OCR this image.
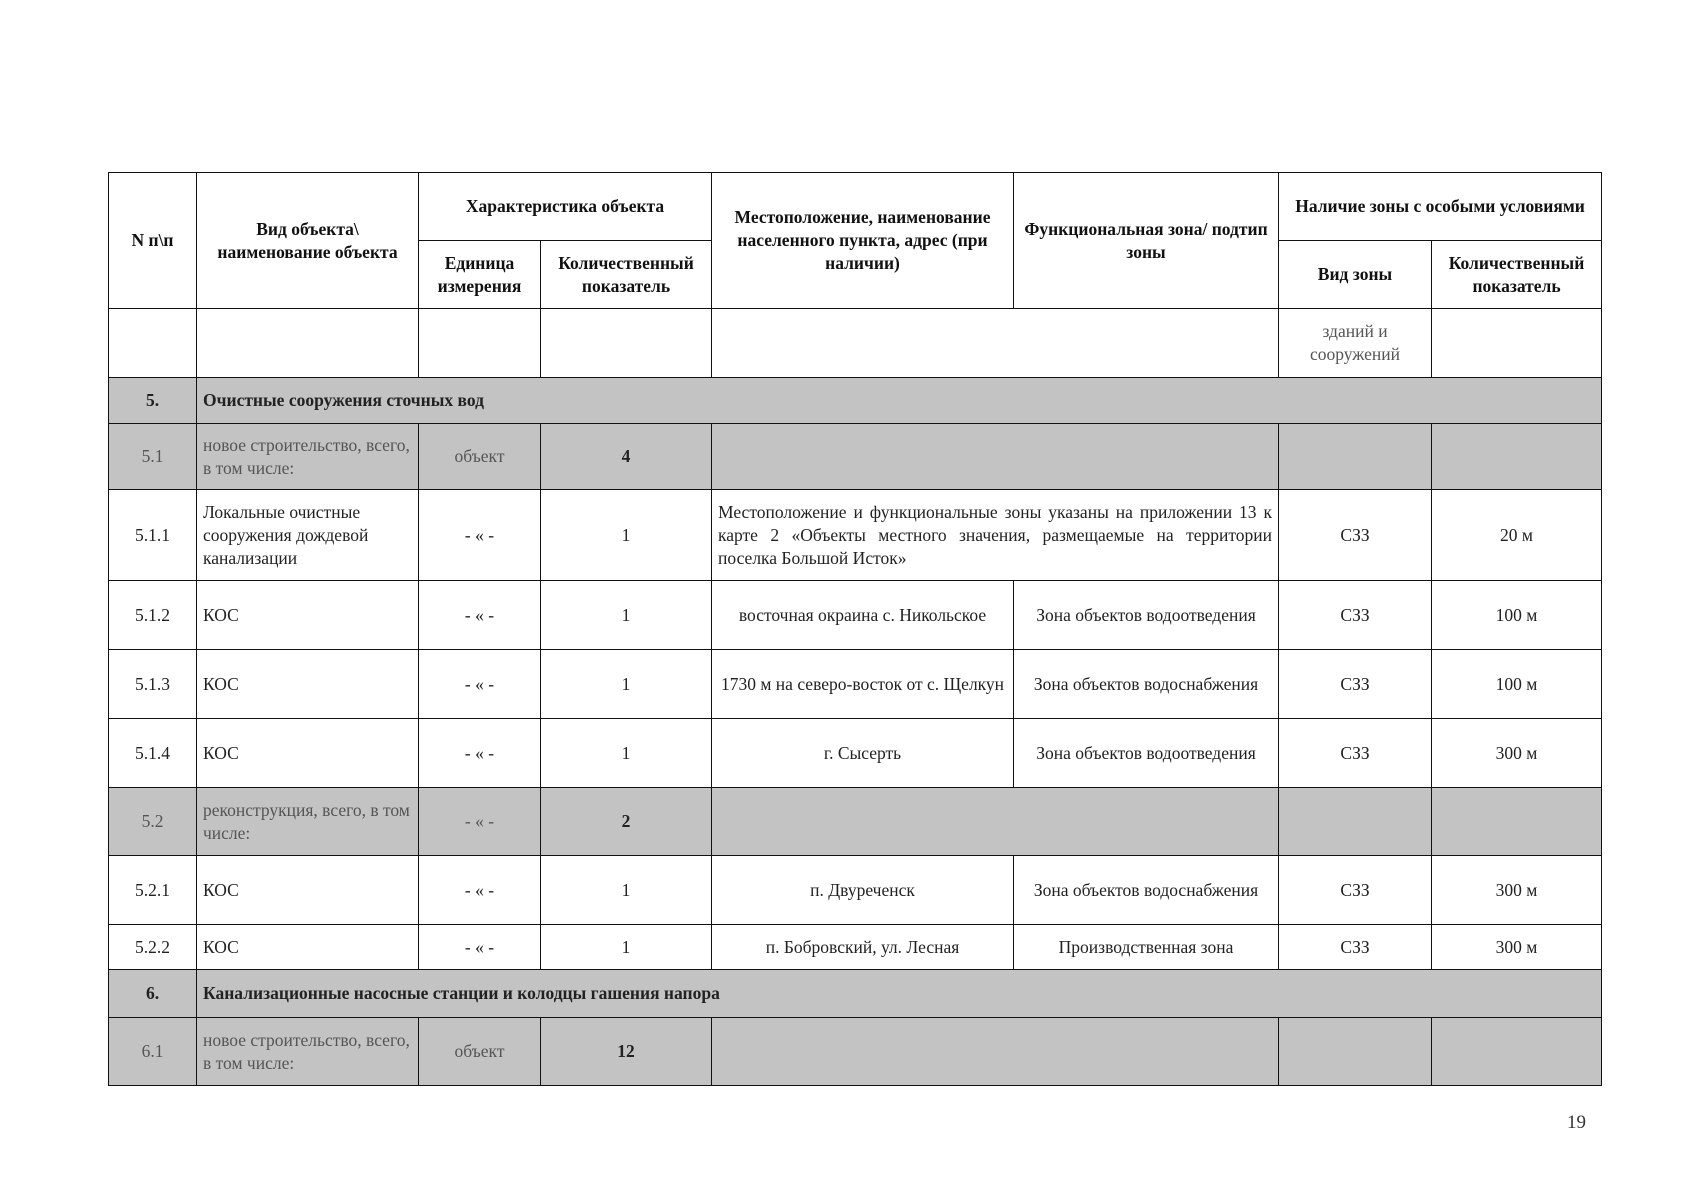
N п\п	Вид объекта\ наименование объекта	Характеристика объекта		Местоположение, наименование населенного пункта, адрес (при наличии)	Функциональная зона/ подтип зоны	Наличие зоны с особыми условиями	
		Единица измерения	Количественный показатель			Вид зоны	Количественный показатель
						зданий и сооружений	
5.	Очистные сооружения сточных вод						
5.1	новое строительство, всего, в том числе:	объект	4				
5.1.1	Локальные очистные сооружения дождевой канализации	- « -	1	Местоположение и функциональные зоны указаны на приложении 13 к карте 2 «Объекты местного значения, размещаемые на территории поселка Большой Исток»		СЗЗ	20 м
5.1.2	КОС	- « -	1	восточная окраина с. Никольское	Зона объектов водоотведения	СЗЗ	100 м
5.1.3	КОС	- « -	1	1730 м на северо-восток от с. Щелкун	Зона объектов водоснабжения	СЗЗ	100 м
5.1.4	КОС	- « -	1	г. Сысерть	Зона объектов водоотведения	СЗЗ	300 м
5.2	реконструкция, всего, в том числе:	- « -	2				
5.2.1	КОС	- « -	1	п. Двуреченск	Зона объектов водоснабжения	СЗЗ	300 м
5.2.2	КОС	- « -	1	п. Бобровский, ул. Лесная	Производственная зона	СЗЗ	300 м
6.	Канализационные насосные станции и колодцы гашения напора						
6.1	новое строительство, всего, в том числе:	объект	12				
19
